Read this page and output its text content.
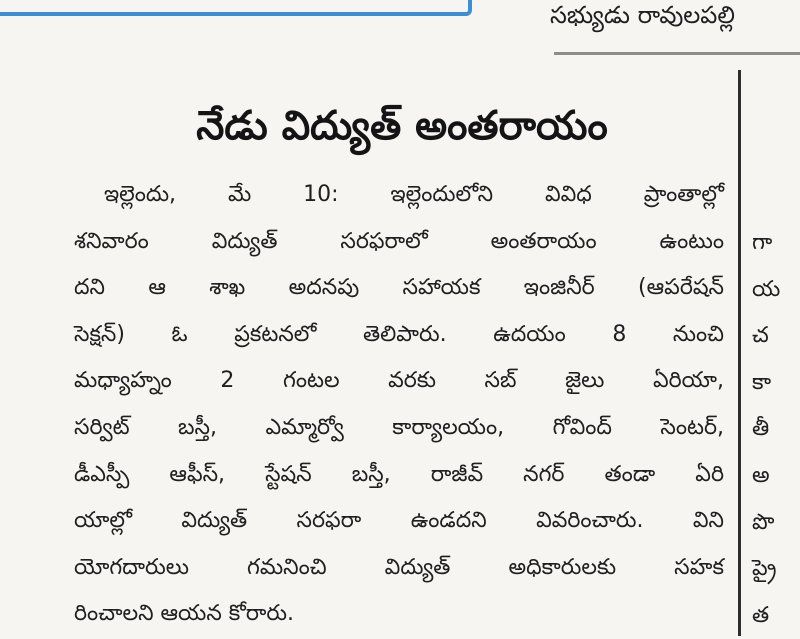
సభ్యుడు రావులపల్లి
నేడు విద్యుత్ అంతరాయం
ఇల్లెందు, మే 10: ఇల్లెందులోని వివిధ ప్రాంతాల్లో
శనివారం విద్యుత్ సరఫరాలో అంతరాయం ఉంటుం
దని ఆ శాఖ అదనపు సహాయక ఇంజినీర్ (ఆపరేషన్
సెక్షన్) ఓ ప్రకటనలో తెలిపారు. ఉదయం 8 నుంచి
మధ్యాహ్నం 2 గంటల వరకు సబ్ జైలు ఏరియా,
సర్విట్ బస్తీ, ఎమ్మార్వో కార్యాలయం, గోవింద్ సెంటర్,
డీఎస్పీ ఆఫీస్, స్టేషన్ బస్తీ, రాజీవ్ నగర్ తండా ఏరి
యాల్లో విద్యుత్ సరఫరా ఉండదని వివరించారు. విని
యోగదారులు గమనించి విద్యుత్ అధికారులకు సహక
రించాలని ఆయన కోరారు.
గా
య
చ
కా
తీ
అ
పొ
ప్రై
త
